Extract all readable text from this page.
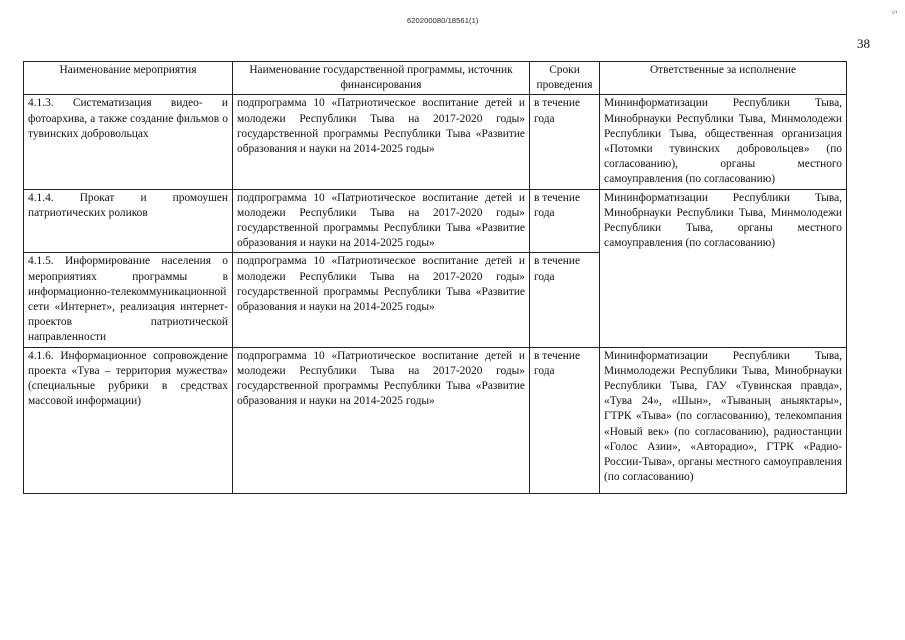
620200080/18561(1)
5
38
Наименование мероприятия	Наименование государственной программы, источник финансирования	Сроки проведения	Ответственные за исполнение
4.1.3. Систематизация видео- и фотоархива, а также создание фильмов о тувинских добровольцах	подпрограмма 10 «Патриотическое воспитание детей и молодежи Республики Тыва на 2017-2020 годы» государственной программы Республики Тыва «Развитие образования и науки на 2014-2025 годы»	в течение года	Мининформатизации Республики Тыва, Минобрнауки Республики Тыва, Минмолодежи Республики Тыва, общественная организация «Потомки тувинских добровольцев» (по согласованию), органы местного самоуправления (по согласованию)
4.1.4. Прокат и промоушен патриотических роликов	подпрограмма 10 «Патриотическое воспитание детей и молодежи Республики Тыва на 2017-2020 годы» государственной программы Республики Тыва «Развитие образования и науки на 2014-2025 годы»	в течение года	Мининформатизации Республики Тыва, Минобрнауки Республики Тыва, Минмолодежи Республики Тыва, органы местного самоуправления (по согласованию)
4.1.5. Информирование населения о мероприятиях программы в информационно-телекоммуникационной сети «Интернет», реализация интернет-проектов патриотической направленности	подпрограмма 10 «Патриотическое воспитание детей и молодежи Республики Тыва на 2017-2020 годы» государственной программы Республики Тыва «Развитие образования и науки на 2014-2025 годы»	в течение года	
4.1.6. Информационное сопровождение проекта «Тува – территория мужества» (специальные рубрики в средствах массовой информации)	подпрограмма 10 «Патриотическое воспитание детей и молодежи Республики Тыва на 2017-2020 годы» государственной программы Республики Тыва «Развитие образования и науки на 2014-2025 годы»	в течение года	Мининформатизации Республики Тыва, Минмолодежи Республики Тыва, Минобрнауки Республики Тыва, ГАУ «Тувинская правда», «Тува 24», «Шын», «Тываның аныяктары», ГТРК «Тыва» (по согласованию), телекомпания «Новый век» (по согласованию), радиостанции «Голос Азии», «Авторадио», ГТРК «Радио-России-Тыва», органы местного самоуправления (по согласованию)
